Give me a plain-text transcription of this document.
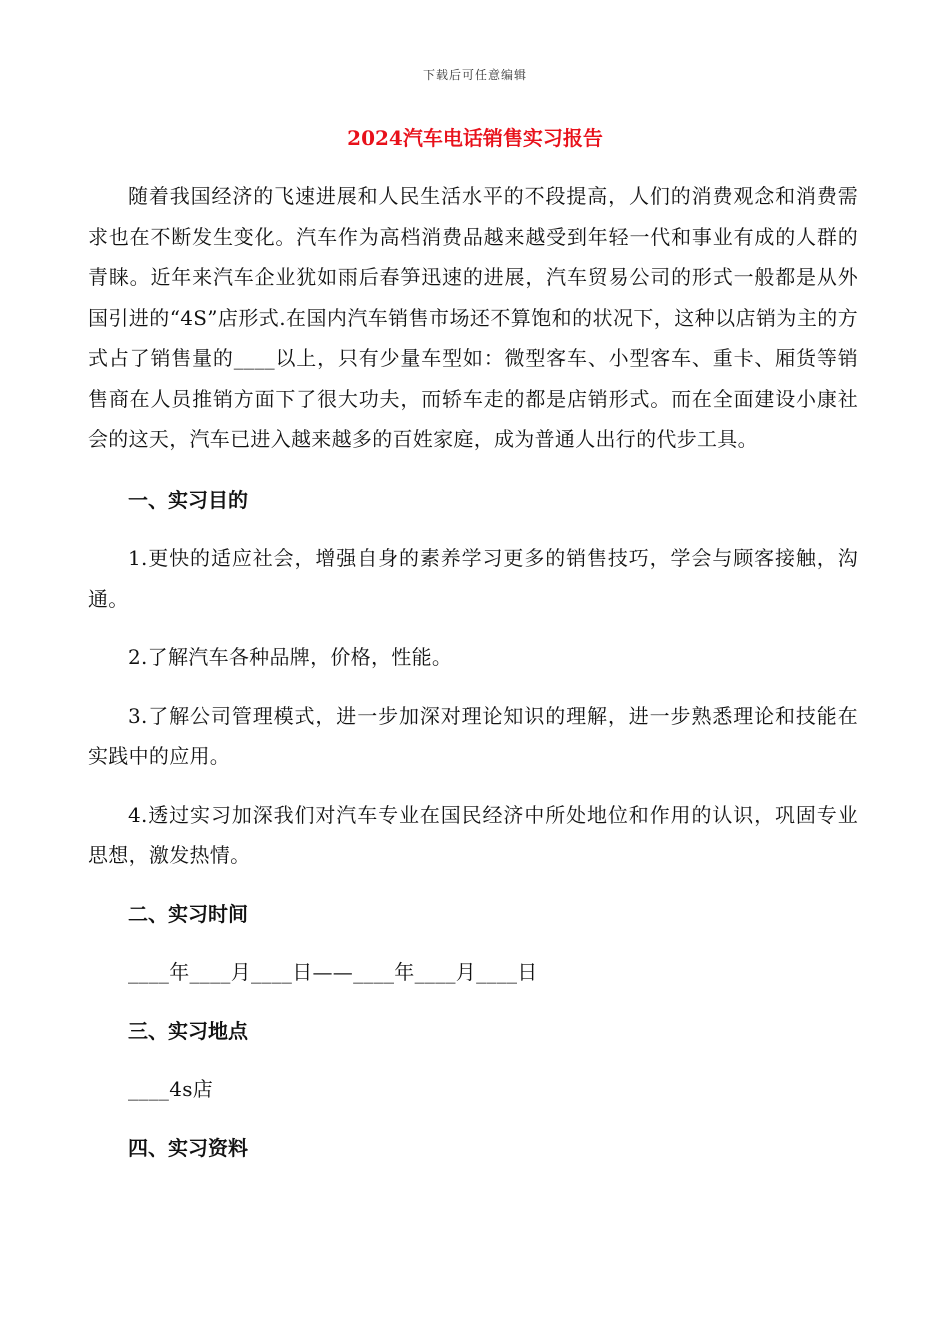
下载后可任意编辑
2024汽车电话销售实习报告

随着我国经济的飞速进展和人民生活水平的不段提高，人们的消费观念和消费需求也在不断发生变化。汽车作为高档消费品越来越受到年轻一代和事业有成的人群的青睐。近年来汽车企业犹如雨后春笋迅速的进展，汽车贸易公司的形式一般都是从外国引进的“4S”店形式.在国内汽车销售市场还不算饱和的状况下，这种以店销为主的方式占了销售量的____以上，只有少量车型如：微型客车、小型客车、重卡、厢货等销售商在人员推销方面下了很大功夫，而轿车走的都是店销形式。而在全面建设小康社会的这天，汽车已进入越来越多的百姓家庭，成为普通人出行的代步工具。

一、实习目的

1.更快的适应社会，增强自身的素养学习更多的销售技巧，学会与顾客接触，沟通。

2.了解汽车各种品牌，价格，性能。

3.了解公司管理模式，进一步加深对理论知识的理解，进一步熟悉理论和技能在实践中的应用。

4.透过实习加深我们对汽车专业在国民经济中所处地位和作用的认识，巩固专业思想，激发热情。

二、实习时间

____年____月____日——____年____月____日

三、实习地点

____4s店

四、实习资料
